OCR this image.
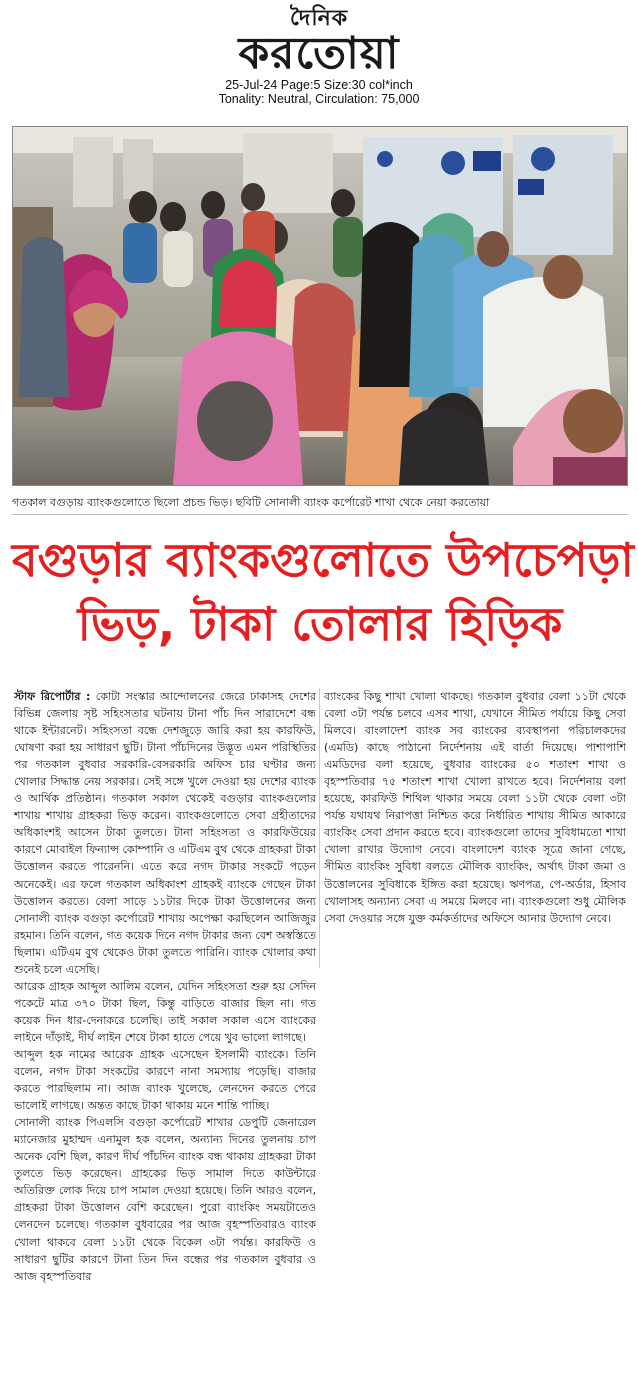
দৈনিক
করতোয়া
25-Jul-24 Page:5 Size:30 col*inch
Tonality: Neutral, Circulation: 75,000
গতকাল বগুড়ায় ব্যাংকগুলোতে ছিলো প্রচন্ড ভিড়। ছবিটি সোনালী ব্যাংক কর্পোরেট শাখা থেকে নেয়া করতোয়া
বগুড়ার ব্যাংকগুলোতে উপচেপড়া
ভিড়, টাকা তোলার হিড়িক

স্টাফ রিপোর্টার : কোটা সংস্কার আন্দোলনের জেরে ঢাকাসহ দেশের বিভিন্ন জেলায় সৃষ্ট সহিংসতার ঘটনায় টানা পাঁচ দিন সারাদেশে বন্ধ থাকে ইন্টারনেট। সহিংসতা বন্ধে দেশজুড়ে জারি করা হয় কারফিউ, ঘোষণা করা হয় সাধারণ ছুটি। টানা পাঁচদিনের উদ্ভূত এমন পরিস্থিতির পর গতকাল বুধবার সরকারি-বেসরকারি অফিস চার ঘণ্টার জন্য খোলার সিদ্ধান্ত নেয় সরকার। সেই সঙ্গে খুলে দেওয়া হয় দেশের ব্যাংক ও আর্থিক প্রতিষ্ঠান। গতকাল সকাল থেকেই বগুড়ার ব্যাংকগুলোর শাখায় শাখায় গ্রাহকরা ভিড় করেন। ব্যাংকগুলোতে সেবা গ্রহীতাদের অধিকাংশই আসেন টাকা তুলতে। টানা সহিংসতা ও কারফিউয়ের কারণে মোবাইল ফিন্যান্স কোম্পানি ও এটিএম বুথ থেকে গ্রাহকরা টাকা উত্তোলন করতে পারেননি। এতে করে নগদ টাকার সংকটে পড়েন অনেকেই। এর ফলে গতকাল অধিকাংশ গ্রাহকই ব্যাংকে গেছেন টাকা উত্তোলন করতে। বেলা সাড়ে ১১টার দিকে টাকা উত্তোলনের জন্য সোনালী ব্যাংক বগুড়া কর্পোরেট শাখায় অপেক্ষা করছিলেন আজিজুর রহমান। তিনি বলেন, গত কয়েক দিনে নগদ টাকার জন্য বেশ অস্বস্তিতে ছিলাম। এটিএম বুথ থেকেও টাকা তুলতে পারিনি। ব্যাংক খোলার কথা শুনেই চলে এসেছি।

আরেক গ্রাহক আব্দুল আলিম বলেন, যেদিন সহিংসতা শুরু হয় সেদিন পকেটে মাত্র ৩৭০ টাকা ছিল, কিন্তু বাড়িতে বাজার ছিল না। গত কয়েক দিন ধার-দেনাকরে চলেছি। তাই সকাল সকাল এসে ব্যাংকের লাইনে দাঁড়াই, দীর্ঘ লাইন শেষে টাকা হাতে পেয়ে খুব ভালো লাগছে।

আব্দুল হক নামের আরেক গ্রাহক এসেছেন ইসলামী ব্যাংকে। তিনি বলেন, নগদ টাকা সংকটের কারণে নানা সমস্যায় পড়েছি। বাজার করতে পারছিলাম না। আজ ব্যাংক খুলেছে, লেনদেন করতে পেরে ভালোই লাগছে। অন্তত কাছে টাকা থাকায় মনে শান্তি পাচ্ছি।

সোনালী ব্যাংক পিএলসি বগুড়া কর্পোরেট শাখার ডেপুটি জেনারেল ম্যানেজার মুহাম্মদ এনামুল হক বলেন, অন্যান্য দিনের তুলনায় চাপ অনেক বেশি ছিল, কারণ দীর্ঘ পাঁচদিন ব্যাংক বন্ধ থাকায় গ্রাহকরা টাকা তুলতে ভিড় করেছেন। গ্রাহকের ভিড় সামাল দিতে কাউন্টারে অতিরিক্ত লোক দিয়ে চাপ সামাল দেওয়া হয়েছে। তিনি আরও বলেন, গ্রাহকরা টাকা উত্তোলন বেশি করেছেন। পুরো ব্যাংকিং সময়টাতেও লেনদেন চলেছে। গতকাল বুধবারের পর আজ বৃহস্পতিবারও ব্যাংক খোলা থাকবে বেলা ১১টা থেকে বিকেল ৩টা পর্যন্ত। কারফিউ ও সাধারণ ছুটির কারণে টানা তিন দিন বন্ধের পর গতকাল বুধবার ও আজ বৃহস্পতিবার

ব্যাংকের কিছু শাখা খোলা থাকছে। গতকাল বুধবার বেলা ১১টা থেকে বেলা ৩টা পর্যন্ত চলবে এসব শাখা, যেখানে সীমিত পর্যায়ে কিছু সেবা মিলবে। বাংলাদেশ ব্যাংক সব ব্যাংকের ব্যবস্থাপনা পরিচালকদের (এমডি) কাছে পাঠানো নির্দেশনায় এই বার্তা দিয়েছে। পাশাপাশি এমডিদের বলা হয়েছে, বুধবার ব্যাংকের ৫০ শতাংশ শাখা ও বৃহস্পতিবার ৭৫ শতাংশ শাখা খোলা রাখতে হবে। নির্দেশনায় বলা হয়েছে, কারফিউ শিথিল থাকার সময়ে বেলা ১১টা থেকে বেলা ৩টা পর্যন্ত যথাযথ নিরাপত্তা নিশ্চিত করে নির্ধারিত শাখায় সীমিত আকারে ব্যাংকিং সেবা প্রদান করতে হবে। ব্যাংকগুলো তাদের সুবিধামতো শাখা খোলা রাখার উদ্যোগ নেবে। বাংলাদেশ ব্যাংক সূত্রে জানা গেছে, সীমিত ব্যাংকিং সুবিধা বলতে মৌলিক ব্যাংকিং, অর্থাৎ টাকা জমা ও উত্তোলনের সুবিধাকে ইঙ্গিত করা হয়েছে। ঋণপত্র, পে-অর্ডার, হিসাব খোলাসহ অন্যান্য সেবা এ সময়ে মিলবে না। ব্যাংকগুলো শুধু মৌলিক সেবা দেওয়ার সঙ্গে যুক্ত কর্মকর্তাদের অফিসে আনার উদ্যোগ নেবে।
